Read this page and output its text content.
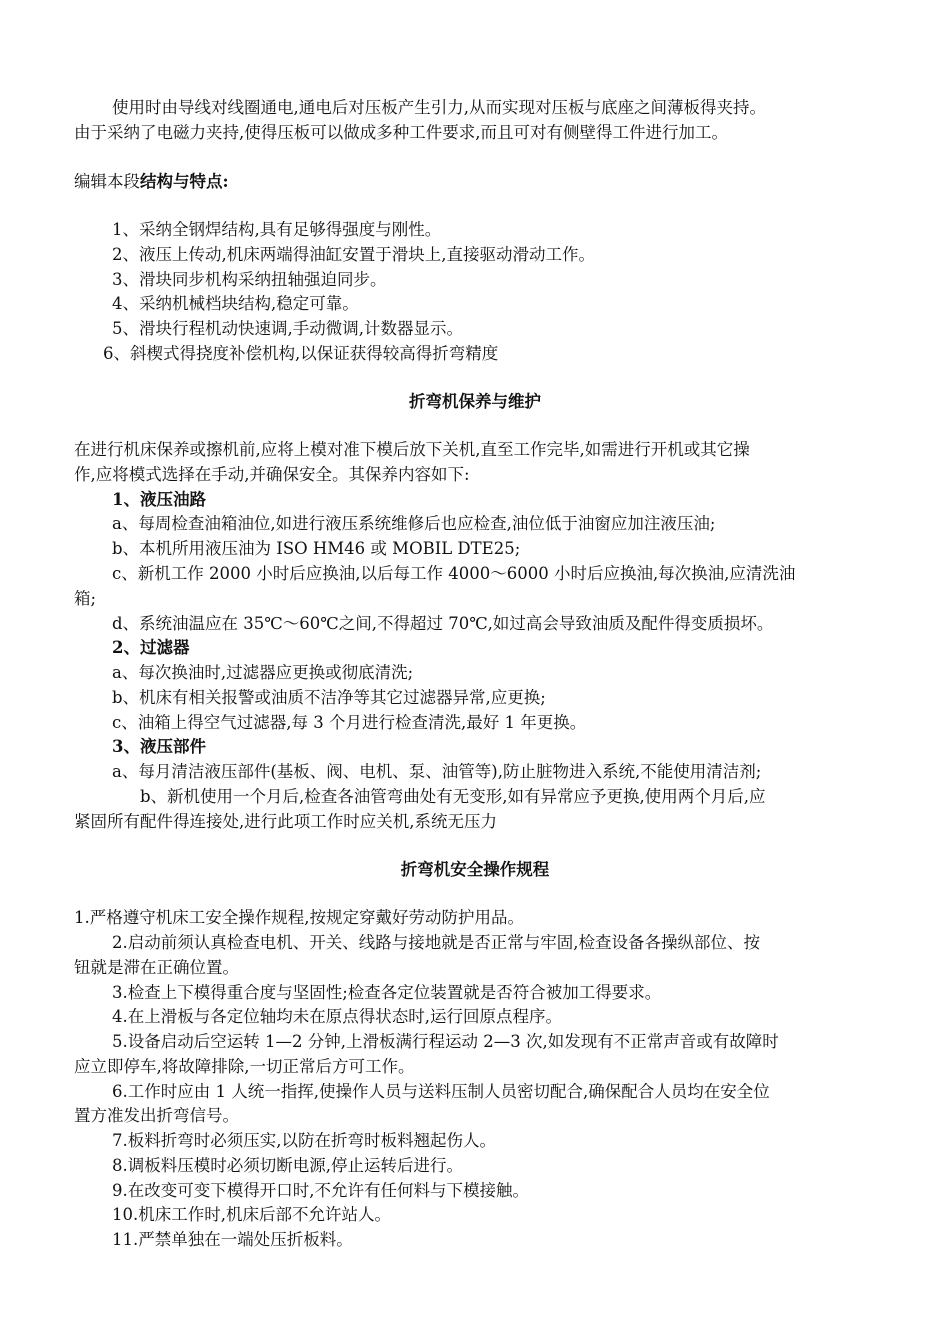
使用时由导线对线圈通电,通电后对压板产生引力,从而实现对压板与底座之间薄板得夹持。
由于采纳了电磁力夹持,使得压板可以做成多种工件要求,而且可对有侧壁得工件进行加工。
编辑本段结构与特点:
1、采纳全钢焊结构,具有足够得强度与刚性。
2、液压上传动,机床两端得油缸安置于滑块上,直接驱动滑动工作。
3、滑块同步机构采纳扭轴强迫同步。
4、采纳机械档块结构,稳定可靠。
5、滑块行程机动快速调,手动微调,计数器显示。
6、斜楔式得挠度补偿机构,以保证获得较高得折弯精度
折弯机保养与维护
在进行机床保养或擦机前,应将上模对准下模后放下关机,直至工作完毕,如需进行开机或其它操
作,应将模式选择在手动,并确保安全。其保养内容如下:
1、液压油路
a、每周检查油箱油位,如进行液压系统维修后也应检查,油位低于油窗应加注液压油;
b、本机所用液压油为 ISO HM46 或 MOBIL DTE25;
c、新机工作 2000 小时后应换油,以后每工作 4000～6000 小时后应换油,每次换油,应清洗油
箱;
d、系统油温应在 35℃～60℃之间,不得超过 70℃,如过高会导致油质及配件得变质损坏。
2、过滤器
a、每次换油时,过滤器应更换或彻底清洗;
b、机床有相关报警或油质不洁净等其它过滤器异常,应更换;
c、油箱上得空气过滤器,每 3 个月进行检查清洗,最好 1 年更换。
3、液压部件
a、每月清洁液压部件(基板、阀、电机、泵、油管等),防止脏物进入系统,不能使用清洁剂;
b、新机使用一个月后,检查各油管弯曲处有无变形,如有异常应予更换,使用两个月后,应
紧固所有配件得连接处,进行此项工作时应关机,系统无压力
折弯机安全操作规程
1.严格遵守机床工安全操作规程,按规定穿戴好劳动防护用品。
2.启动前须认真检查电机、开关、线路与接地就是否正常与牢固,检查设备各操纵部位、按
钮就是滞在正确位置。
3.检查上下模得重合度与坚固性;检查各定位装置就是否符合被加工得要求。
4.在上滑板与各定位轴均未在原点得状态时,运行回原点程序。
5.设备启动后空运转 1—2 分钟,上滑板满行程运动 2—3 次,如发现有不正常声音或有故障时
应立即停车,将故障排除,一切正常后方可工作。
6.工作时应由 1 人统一指挥,使操作人员与送料压制人员密切配合,确保配合人员均在安全位
置方准发出折弯信号。
7.板料折弯时必须压实,以防在折弯时板料翘起伤人。
8.调板料压模时必须切断电源,停止运转后进行。
9.在改变可变下模得开口时,不允许有任何料与下模接触。
10.机床工作时,机床后部不允许站人。
11.严禁单独在一端处压折板料。
